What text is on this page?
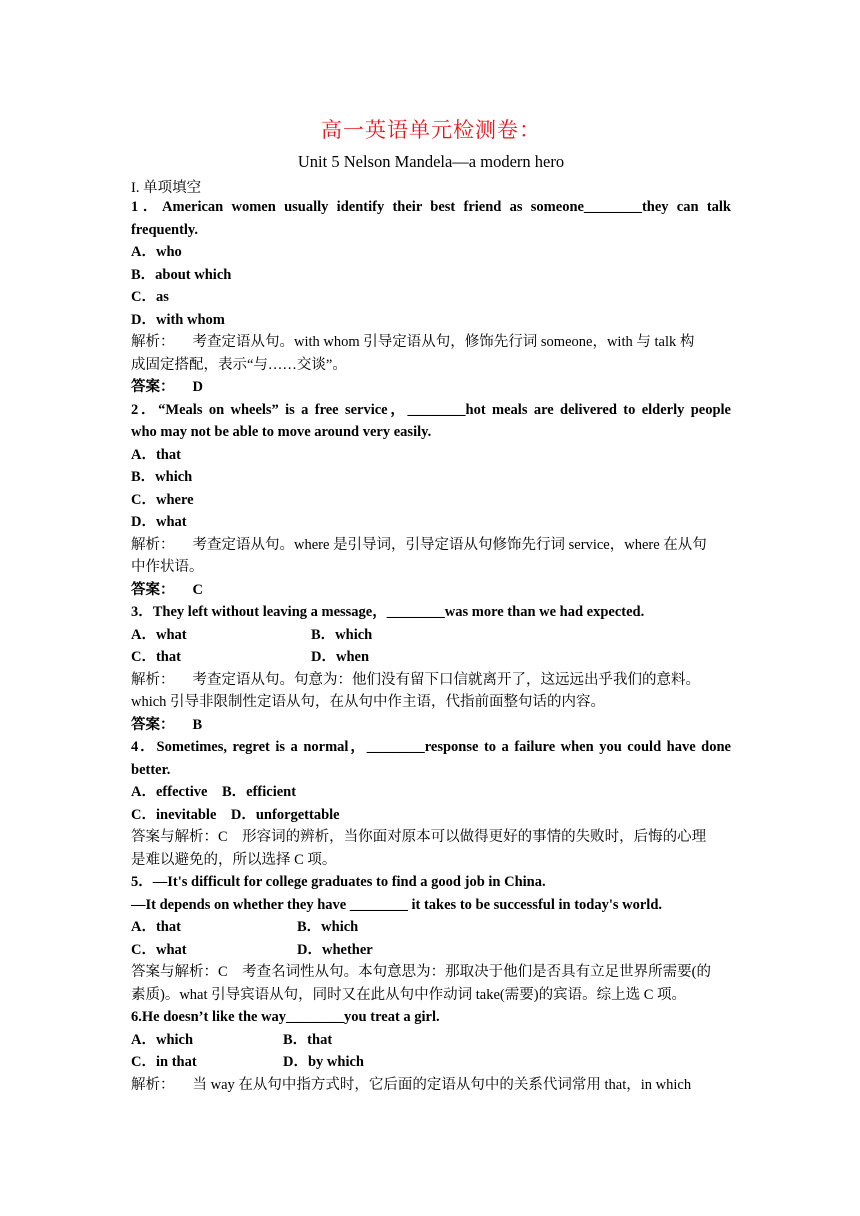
高一英语单元检测卷：
Unit 5 Nelson Mandela—a modern hero
I. 单项填空
1．American women usually identify their best friend as someone________they can talk
frequently.
A．who
B．about which
C．as
D．with whom
解析： 考查定语从句。with whom 引导定语从句，修饰先行词 someone，with 与 talk 构
成固定搭配，表示“与……交谈”。
答案： D
2．“Meals on wheels” is a free service，________hot meals are delivered to elderly people
who may not be able to move around very easily.
A．that
B．which
C．where
D．what
解析： 考查定语从句。where 是引导词，引导定语从句修饰先行词 service，where 在从句
中作状语。
答案： C
3．They left without leaving a message，________was more than we had expected.
A．what	B．which
C．that	D．when
解析： 考查定语从句。句意为：他们没有留下口信就离开了，这远远出乎我们的意料。
which 引导非限制性定语从句，在从句中作主语，代指前面整句话的内容。
答案： B
4．Sometimes, regret is a normal，________response to a failure when you could have done
better.
A．effective    B．efficient
C．inevitable    D．unforgettable
答案与解析：C    形容词的辨析，当你面对原本可以做得更好的事情的失败时，后悔的心理
是难以避免的，所以选择 C 项。
5．—It's difficult for college graduates to find a good job in China.
—It depends on whether they have ________ it takes to be successful in today's world.
A．that	B．which
C．what	D．whether
答案与解析：C    考查名词性从句。本句意思为：那取决于他们是否具有立足世界所需要(的
素质)。what 引导宾语从句，同时又在此从句中作动词 take(需要)的宾语。综上选 C 项。
6.He doesn’t like the way________you treat a girl.
A．which	B．that
C．in that	D．by which
解析： 当 way 在从句中指方式时，它后面的定语从句中的关系代词常用 that，in which
